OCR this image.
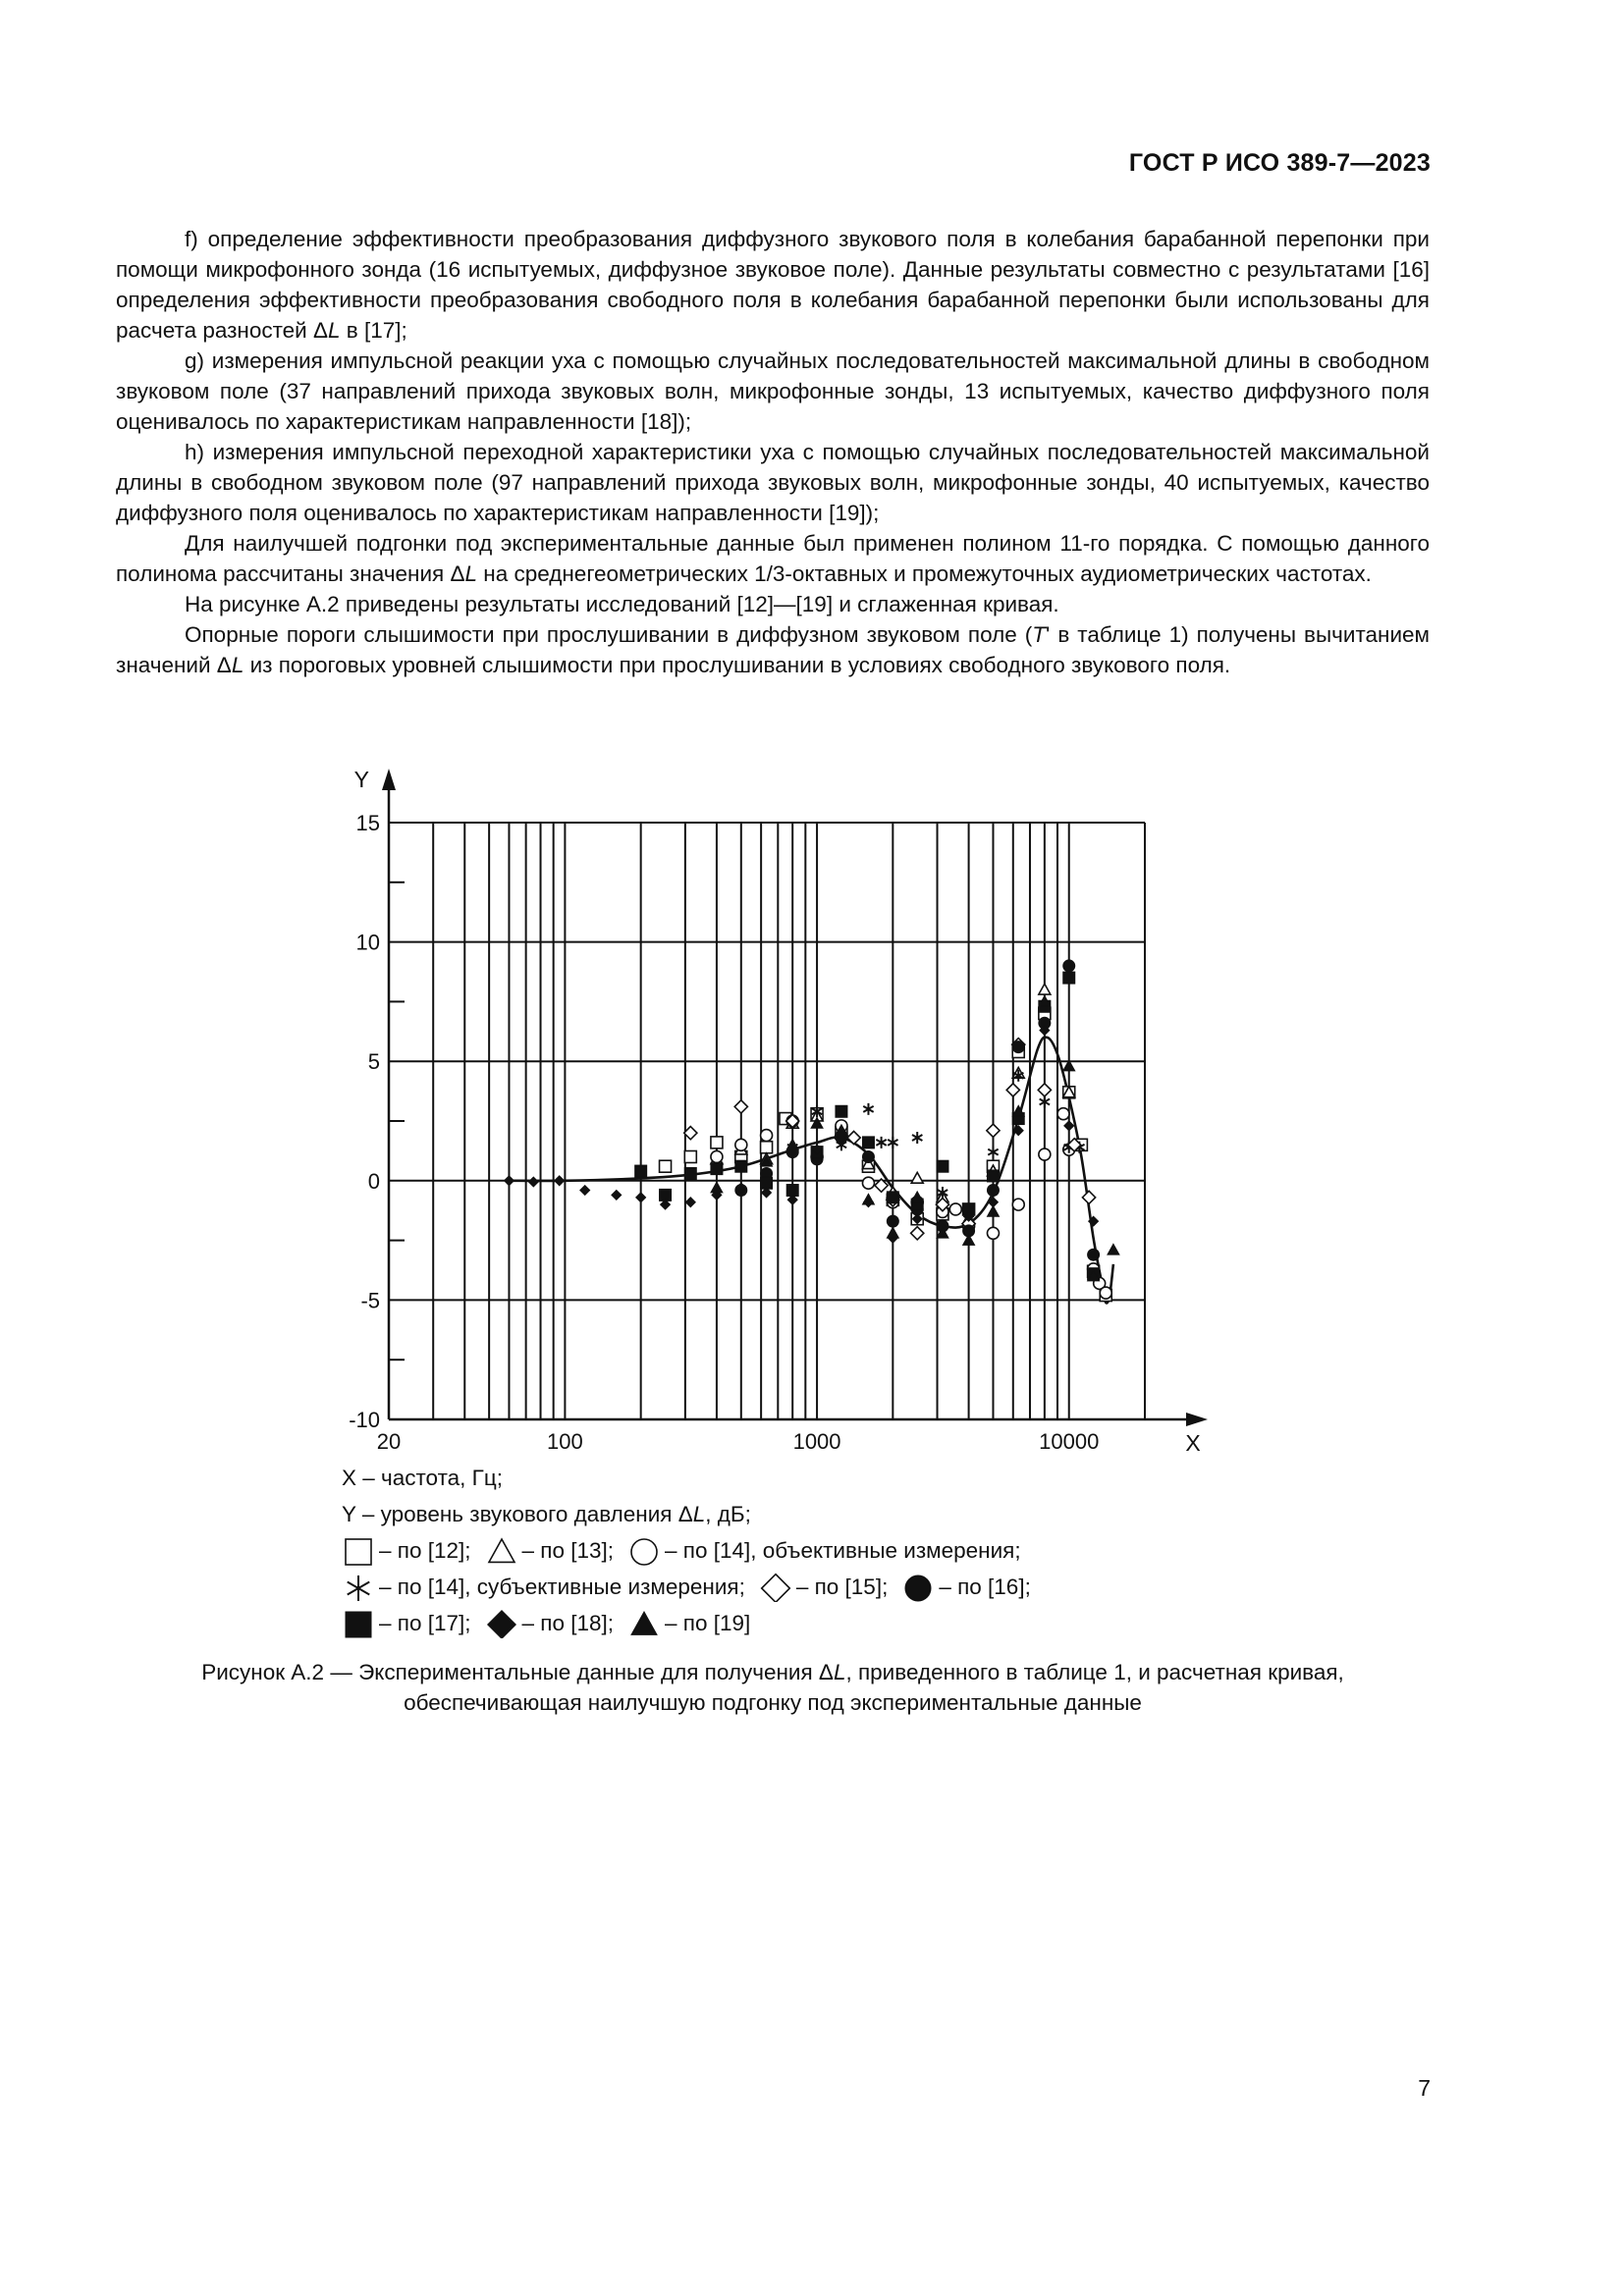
ГОСТ Р ИСО 389-7—2023

f) определение эффективности преобразования диффузного звукового поля в колебания барабанной перепонки при помощи микрофонного зонда (16 испытуемых, диффузное звуковое поле). Данные результаты совместно с результатами [16] определения эффективности преобразования свободного поля в колебания барабанной перепонки были использованы для расчета разностей ΔL в [17];

g) измерения импульсной реакции уха с помощью случайных последовательностей максимальной длины в свободном звуковом поле (37 направлений прихода звуковых волн, микрофонные зонды, 13 испытуемых, качество диффузного поля оценивалось по характеристикам направленности [18]);

h) измерения импульсной переходной характеристики уха с помощью случайных последовательностей максимальной длины в свободном звуковом поле (97 направлений прихода звуковых волн, микрофонные зонды, 40 испытуемых, качество диффузного поля оценивалось по характеристикам направленности [19]);

Для наилучшей подгонки под экспериментальные данные был применен полином 11-го порядка. С помощью данного полинома рассчитаны значения ΔL на среднегеометрических 1/3-октавных и промежуточных аудиометрических частотах.

На рисунке А.2 приведены результаты исследований [12]—[19] и сглаженная кривая.

Опорные пороги слышимости при прослушивании в диффузном звуковом поле (T' в таблице 1) получены вычитанием значений ΔL из пороговых уровней слышимости при прослушивании в условиях свободного звукового поля.

15
10
5
0
-5
-10
20	100	1000	10000
Y
X
X – частота, Гц;
Y – уровень звукового давления Δ L , дБ;
– по [12]; – по [13]; – по [14], объективные измерения;
– по [14], субъективные измерения; – по [15]; – по [16];
– по [17]; – по [18]; – по [19]
Рисунок А.2 — Экспериментальные данные для получения ΔL, приведенного в таблице 1, и расчетная кривая,
обеспечивающая наилучшую подгонку под экспериментальные данные
7
